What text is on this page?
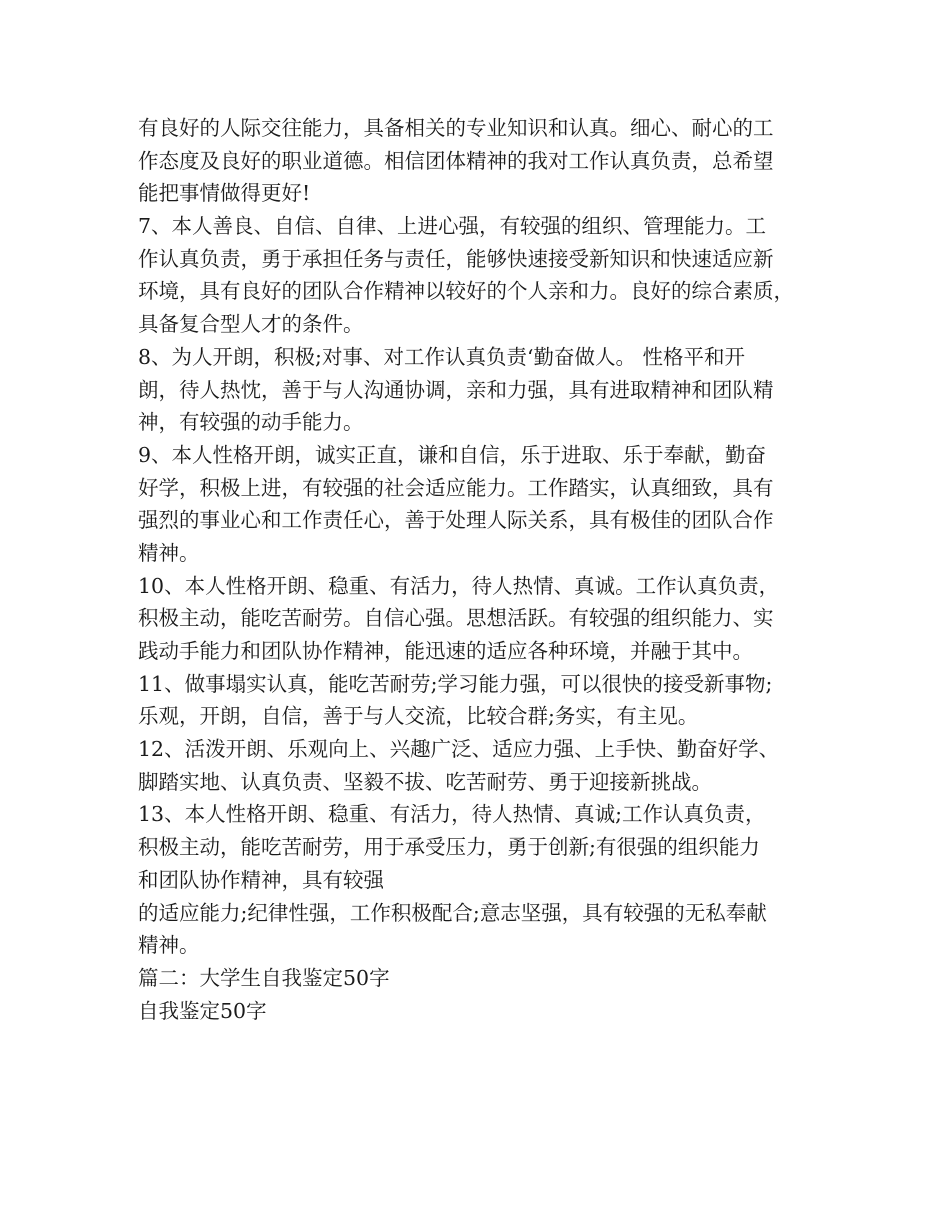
有良好的人际交往能力，具备相关的专业知识和认真。细心、耐心的工
作态度及良好的职业道德。相信团体精神的我对工作认真负责，总希望
能把事情做得更好!
7、本人善良、自信、自律、上进心强，有较强的组织、管理能力。工
作认真负责，勇于承担任务与责任，能够快速接受新知识和快速适应新
环境，具有良好的团队合作精神以较好的个人亲和力。良好的综合素质，
具备复合型人才的条件。
8、为人开朗，积极;对事、对工作认真负责‘勤奋做人。 性格平和开
朗，待人热忱，善于与人沟通协调，亲和力强，具有进取精神和团队精
神，有较强的动手能力。
9、本人性格开朗，诚实正直，谦和自信，乐于进取、乐于奉献，勤奋
好学，积极上进，有较强的社会适应能力。工作踏实，认真细致，具有
强烈的事业心和工作责任心，善于处理人际关系，具有极佳的团队合作
精神。
10、本人性格开朗、稳重、有活力，待人热情、真诚。工作认真负责，
积极主动，能吃苦耐劳。自信心强。思想活跃。有较强的组织能力、实
践动手能力和团队协作精神，能迅速的适应各种环境，并融于其中。
11、做事塌实认真，能吃苦耐劳;学习能力强，可以很快的接受新事物;
乐观，开朗，自信，善于与人交流，比较合群;务实，有主见。
12、活泼开朗、乐观向上、兴趣广泛、适应力强、上手快、勤奋好学、
脚踏实地、认真负责、坚毅不拔、吃苦耐劳、勇于迎接新挑战。
13、本人性格开朗、稳重、有活力，待人热情、真诚;工作认真负责，
积极主动，能吃苦耐劳，用于承受压力，勇于创新;有很强的组织能力
和团队协作精神，具有较强
的适应能力;纪律性强，工作积极配合;意志坚强，具有较强的无私奉献
精神。
篇二：大学生自我鉴定50字
自我鉴定50字
